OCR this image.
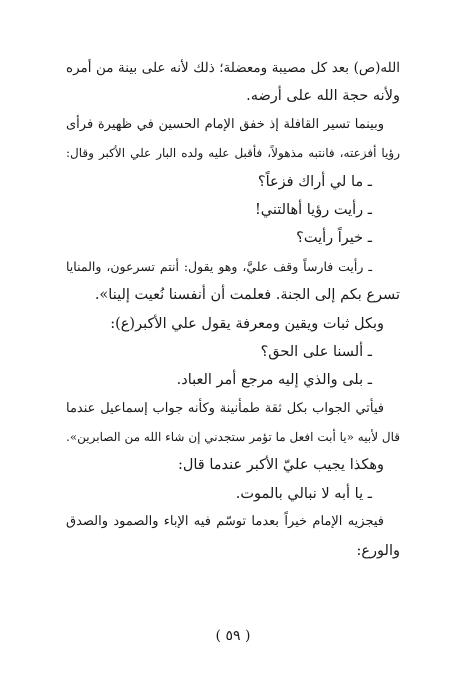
الله(ص) بعد كل مصيبة ومعضلة؛ ذلك لأنه على بينة من أمره
ولأنه حجة الله على أرضه.
وبينما تسير القافلة إذ خفق الإمام الحسين في ظهيرة فرأى
رؤيا أفزعته، فانتبه مذهولاً، فأقبل عليه ولده البار علي الأكبر وقال:
ـ ما لي أراك فزعاً؟
ـ رأيت رؤيا أهالتني!
ـ خيراً رأيت؟
ـ رأيت فارساً وقف عليَّ، وهو يقول: أنتم تسرعون، والمنايا
تسرع بكم إلى الجنة. فعلمت أن أنفسنا نُعيت إلينا».
وبكل ثبات ويقين ومعرفة يقول علي الأكبر(ع):
ـ ألسنا على الحق؟
ـ بلى والذي إليه مرجع أمر العباد.
فيأتي الجواب بكل ثقة طمأنينة وكأنه جواب إسماعيل عندما
قال لأبيه «يا أبت افعل ما تؤمر ستجدني إن شاء الله من الصابرين».
وهكذا يجيب عليّ الأكبر عندما قال:
ـ يا أبه لا نبالي بالموت.
فيجزيه الإمام خيراً بعدما توسّم فيه الإباء والصمود والصدق
والورع:
( ٥٩ )
